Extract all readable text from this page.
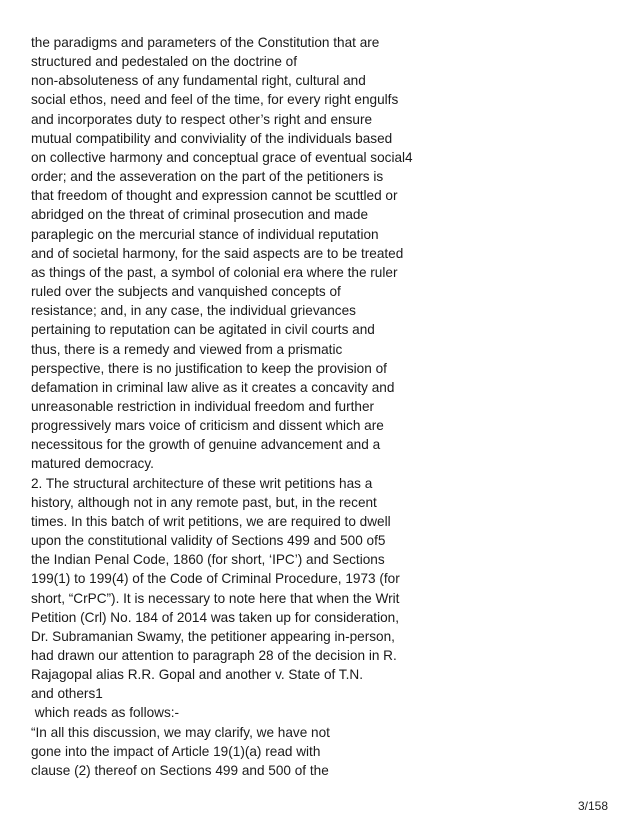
the paradigms and parameters of the Constitution that are
structured and pedestaled on the doctrine of
non-absoluteness of any fundamental right, cultural and
social ethos, need and feel of the time, for every right engulfs
and incorporates duty to respect other’s right and ensure
mutual compatibility and conviviality of the individuals based
on collective harmony and conceptual grace of eventual social4
order; and the asseveration on the part of the petitioners is
that freedom of thought and expression cannot be scuttled or
abridged on the threat of criminal prosecution and made
paraplegic on the mercurial stance of individual reputation
and of societal harmony, for the said aspects are to be treated
as things of the past, a symbol of colonial era where the ruler
ruled over the subjects and vanquished concepts of
resistance; and, in any case, the individual grievances
pertaining to reputation can be agitated in civil courts and
thus, there is a remedy and viewed from a prismatic
perspective, there is no justification to keep the provision of
defamation in criminal law alive as it creates a concavity and
unreasonable restriction in individual freedom and further
progressively mars voice of criticism and dissent which are
necessitous for the growth of genuine advancement and a
matured democracy.
2. The structural architecture of these writ petitions has a
history, although not in any remote past, but, in the recent
times. In this batch of writ petitions, we are required to dwell
upon the constitutional validity of Sections 499 and 500 of5
the Indian Penal Code, 1860 (for short, ‘IPC’) and Sections
199(1) to 199(4) of the Code of Criminal Procedure, 1973 (for
short, “CrPC”). It is necessary to note here that when the Writ
Petition (Crl) No. 184 of 2014 was taken up for consideration,
Dr. Subramanian Swamy, the petitioner appearing in-person,
had drawn our attention to paragraph 28 of the decision in R.
Rajagopal alias R.R. Gopal and another v. State of T.N.
and others1
which reads as follows:-
“In all this discussion, we may clarify, we have not
gone into the impact of Article 19(1)(a) read with
clause (2) thereof on Sections 499 and 500 of the
3/158
